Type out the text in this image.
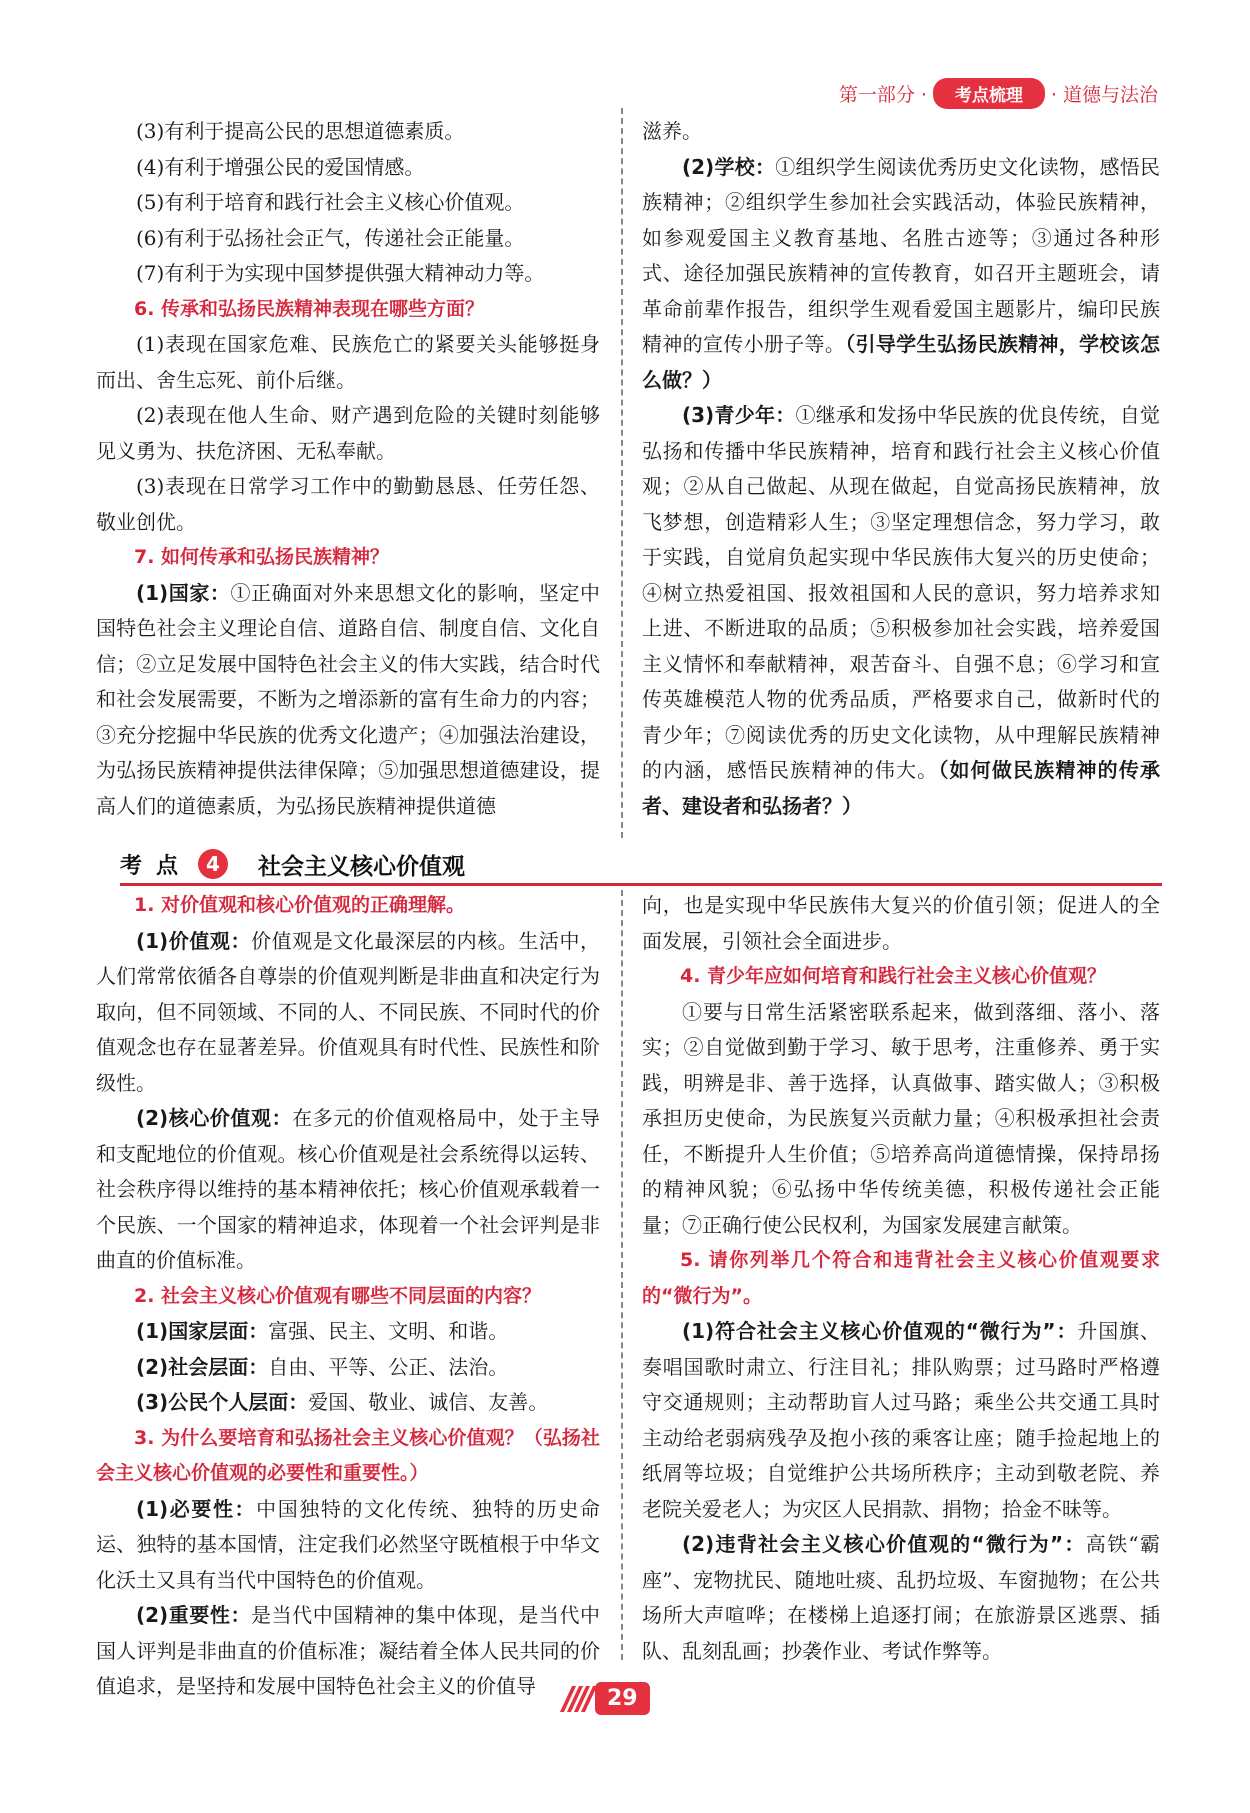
第一部分 ·	考点梳理	· 道德与法治

(3)有利于提高公民的思想道德素质。

(4)有利于增强公民的爱国情感。

(5)有利于培育和践行社会主义核心价值观。

(6)有利于弘扬社会正气，传递社会正能量。

(7)有利于为实现中国梦提供强大精神动力等。

6. 传承和弘扬民族精神表现在哪些方面？

(1)表现在国家危难、民族危亡的紧要关头能够挺身而出、舍生忘死、前仆后继。

(2)表现在他人生命、财产遇到危险的关键时刻能够见义勇为、扶危济困、无私奉献。

(3)表现在日常学习工作中的勤勤恳恳、任劳任怨、敬业创优。

7. 如何传承和弘扬民族精神？

(1)国家：①正确面对外来思想文化的影响，坚定中国特色社会主义理论自信、道路自信、制度自信、文化自信；②立足发展中国特色社会主义的伟大实践，结合时代和社会发展需要，不断为之增添新的富有生命力的内容；③充分挖掘中华民族的优秀文化遗产；④加强法治建设，为弘扬民族精神提供法律保障；⑤加强思想道德建设，提高人们的道德素质，为弘扬民族精神提供道德

滋养。

(2)学校：①组织学生阅读优秀历史文化读物，感悟民族精神；②组织学生参加社会实践活动，体验民族精神，如参观爱国主义教育基地、名胜古迹等；③通过各种形式、途径加强民族精神的宣传教育，如召开主题班会，请革命前辈作报告，组织学生观看爱国主题影片，编印民族精神的宣传小册子等。（引导学生弘扬民族精神，学校该怎么做？）

(3)青少年：①继承和发扬中华民族的优良传统，自觉弘扬和传播中华民族精神，培育和践行社会主义核心价值观；②从自己做起、从现在做起，自觉高扬民族精神，放飞梦想，创造精彩人生；③坚定理想信念，努力学习，敢于实践，自觉肩负起实现中华民族伟大复兴的历史使命；④树立热爱祖国、报效祖国和人民的意识，努力培养求知上进、不断进取的品质；⑤积极参加社会实践，培养爱国主义情怀和奉献精神，艰苦奋斗、自强不息；⑥学习和宣传英雄模范人物的优秀品质，严格要求自己，做新时代的青少年；⑦阅读优秀的历史文化读物，从中理解民族精神的内涵，感悟民族精神的伟大。（如何做民族精神的传承者、建设者和弘扬者？）

考点 4	社会主义核心价值观

1. 对价值观和核心价值观的正确理解。

(1)价值观：价值观是文化最深层的内核。生活中，人们常常依循各自尊崇的价值观判断是非曲直和决定行为取向，但不同领域、不同的人、不同民族、不同时代的价值观念也存在显著差异。价值观具有时代性、民族性和阶级性。

(2)核心价值观：在多元的价值观格局中，处于主导和支配地位的价值观。核心价值观是社会系统得以运转、社会秩序得以维持的基本精神依托；核心价值观承载着一个民族、一个国家的精神追求，体现着一个社会评判是非曲直的价值标准。

2. 社会主义核心价值观有哪些不同层面的内容？

(1)国家层面：富强、民主、文明、和谐。

(2)社会层面：自由、平等、公正、法治。

(3)公民个人层面：爱国、敬业、诚信、友善。

3. 为什么要培育和弘扬社会主义核心价值观？（弘扬社会主义核心价值观的必要性和重要性。）

(1)必要性：中国独特的文化传统、独特的历史命运、独特的基本国情，注定我们必然坚守既植根于中华文化沃土又具有当代中国特色的价值观。

(2)重要性：是当代中国精神的集中体现，是当代中国人评判是非曲直的价值标准；凝结着全体人民共同的价值追求，是坚持和发展中国特色社会主义的价值导

向，也是实现中华民族伟大复兴的价值引领；促进人的全面发展，引领社会全面进步。

4. 青少年应如何培育和践行社会主义核心价值观？

①要与日常生活紧密联系起来，做到落细、落小、落实；②自觉做到勤于学习、敏于思考，注重修养、勇于实践，明辨是非、善于选择，认真做事、踏实做人；③积极承担历史使命，为民族复兴贡献力量；④积极承担社会责任，不断提升人生价值；⑤培养高尚道德情操，保持昂扬的精神风貌；⑥弘扬中华传统美德，积极传递社会正能量；⑦正确行使公民权利，为国家发展建言献策。

5. 请你列举几个符合和违背社会主义核心价值观要求的“微行为”。

(1)符合社会主义核心价值观的“微行为”：升国旗、奏唱国歌时肃立、行注目礼；排队购票；过马路时严格遵守交通规则；主动帮助盲人过马路；乘坐公共交通工具时主动给老弱病残孕及抱小孩的乘客让座；随手捡起地上的纸屑等垃圾；自觉维护公共场所秩序；主动到敬老院、养老院关爱老人；为灾区人民捐款、捐物；拾金不昧等。

(2)违背社会主义核心价值观的“微行为”：高铁“霸座”、宠物扰民、随地吐痰、乱扔垃圾、车窗抛物；在公共场所大声喧哗；在楼梯上追逐打闹；在旅游景区逃票、插队、乱刻乱画；抄袭作业、考试作弊等。

29
